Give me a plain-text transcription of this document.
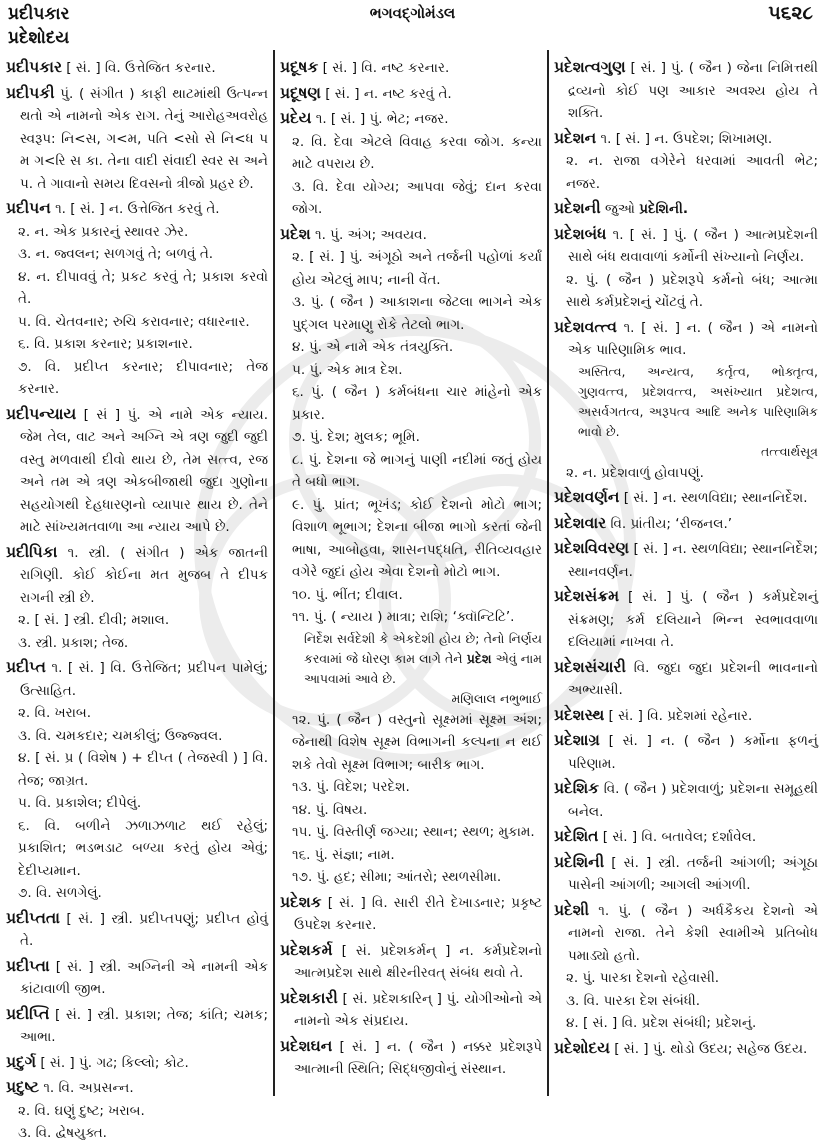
પ્રદીપકાર
પ્રદેશોદય
ભગવદ્ગોમંડલ	૫૬૨૮

પ્રદીપકાર [ સં. ] વિ. ઉત્તેજિત કરનાર.

પ્રદીપકી પું. ( સંગીત ) કાફી થાટમાંથી ઉત્પન્ન થતો એ નામનો એક રાગ. તેનું આરોહઅવરોહ સ્વરૂપ: નિ<સ, ગ<મ, પતિ <સો સે નિ<ધ પ મ ગ<રિ સ કા. તેના વાદી સંવાદી સ્વર સ અને પ. તે ગાવાનો સમય દિવસનો ત્રીજો પ્રહર છે.

પ્રદીપન ૧. [ સં. ] ન. ઉત્તેજિત કરવું તે.

૨. ન. એક પ્રકારનું સ્થાવર ઝેર.

૩. ન. જ્વલન; સળગવું તે; બળવું તે.

૪. ન. દીપાવવું તે; પ્રકટ કરવું તે; પ્રકાશ કરવો તે.

૫. વિ. ચેતવનાર; રુચિ કરાવનાર; વધારનાર.

૬. વિ. પ્રકાશ કરનાર; પ્રકાશનાર.

૭. વિ. પ્રદીપ્ત કરનાર; દીપાવનાર; તેજ કરનાર.

પ્રદીપન્યાય [ સં ] પું. એ નામે એક ન્યાય. જેમ તેલ, વાટ અને અગ્નિ એ ત્રણ જુદી જુદી વસ્તુ મળવાથી દીવો થાય છે, તેમ સત્ત્વ, રજ અને તમ એ ત્રણ એકબીજાથી જુદા ગુણોના સહયોગથી દેહધારણનો વ્યાપાર થાય છે. તેને માટે સાંખ્યમતવાળા આ ન્યાય આપે છે.

પ્રદીપિકા ૧. સ્ત્રી. ( સંગીત ) એક જાતની રાગિણી. કોઈ કોઈના મત મુજબ તે દીપક રાગની સ્ત્રી છે.

૨. [ સં. ] સ્ત્રી. દીવી; મશાલ.

૩. સ્ત્રી. પ્રકાશ; તેજ.

પ્રદીપ્ત ૧. [ સં. ] વિ. ઉત્તેજિત; પ્રદીપન પામેલું; ઉત્સાહિત.

૨. વિ. ખરાબ.

૩. વિ. ચમકદાર; ચમકીલું; ઉજ્જ્વલ.

૪. [ સં. પ્ર ( વિશેષ ) + દીપ્ત ( તેજસ્વી ) ] વિ. તેજ; જાગ્રત.

૫. વિ. પ્રકાશેલ; દીપેલું.

૬. વિ. બળીને ઝળાઝળાટ થઈ રહેલું; પ્રકાશિત; ભડભડાટ બળ્યા કરતું હોય એવું; દેદીપ્યમાન.

૭. વિ. સળગેલું.

પ્રદીપ્તતા [ સં. ] સ્ત્રી. પ્રદીપ્તપણું; પ્રદીપ્ત હોવું તે.

પ્રદીપ્તા [ સં. ] સ્ત્રી. અગ્નિની એ નામની એક કાંટાવાળી જીભ.

પ્રદીપ્તિ [ સં. ] સ્ત્રી. પ્રકાશ; તેજ; કાંતિ; ચમક; આભા.

પ્રદુર્ગ [ સં. ] પું. ગઢ; કિલ્લો; કોટ.

પ્રદુષ્ટ ૧. વિ. અપ્રસન્ન.

૨. વિ. ઘણું દુષ્ટ; ખરાબ.

૩. વિ. દ્વેષયુક્ત.

પ્રદૂષક [ સં. ] વિ. નષ્ટ કરનાર.

પ્રદૂષણ [ સં. ] ન. નષ્ટ કરવું તે.

પ્રદેય ૧. [ સં. ] પું. ભેટ; નજર.

૨. વિ. દેવા એટલે વિવાહ કરવા જોગ. કન્યા માટે વપરાય છે.

૩. વિ. દેવા યોગ્ય; આપવા જેવું; દાન કરવા જોગ.

પ્રદેશ ૧. પું. અંગ; અવયવ.

૨. [ સં. ] પું. અંગૂઠો અને તર્જની પહોળાં કર્યાં હોય એટલું માપ; નાની વેંત.

૩. પું. ( જૈન ) આકાશના જેટલા ભાગને એક પુદ્ગલ પરમાણુ રોકે તેટલો ભાગ.

૪. પું. એ નામે એક તંત્રયુક્તિ.

૫. પું. એક માત્ર દેશ.

૬. પું. ( જૈન ) કર્મબંધના ચાર માંહેનો એક પ્રકાર.

૭. પું. દેશ; મુલક; ભૂમિ.

૮. પું. દેશના જે ભાગનું પાણી નદીમાં જતું હોય તે બધો ભાગ.

૯. પું. પ્રાંત; ભૂખંડ; કોઈ દેશનો મોટો ભાગ; વિશાળ ભૂભાગ; દેશના બીજા ભાગો કરતાં જેની ભાષા, આબોહવા, શાસનપદ્ધતિ, રીતિવ્યવહાર વગેરે જુદાં હોય એવા દેશનો મોટો ભાગ.

૧૦. પું. ભીંત; દીવાલ.

૧૧. પું. ( ન્યાય ) માત્રા; રાશિ; ‘ક્વૉન્ટિટિ’.

નિર્દેશ સર્વદેશી કે એકદેશી હોય છે; તેનો નિર્ણય કરવામાં જે ધોરણ કામ લાગે તેને પ્રદેશ એવું નામ આપવામાં આવે છે.

મણિલાલ નભુભાઈ

૧૨. પું. ( જૈન ) વસ્તુનો સૂક્ષ્મમાં સૂક્ષ્મ અંશ; જેનાથી વિશેષ સૂક્ષ્મ વિભાગની કલ્પના ન થઈ શકે તેવો સૂક્ષ્મ વિભાગ; બારીક ભાગ.

૧૩. પું. વિદેશ; પરદેશ.

૧૪. પું. વિષય.

૧૫. પું. વિસ્તીર્ણ જગ્યા; સ્થાન; સ્થળ; મુકામ.

૧૬. પું. સંજ્ઞા; નામ.

૧૭. પું. હદ; સીમા; આંતરો; સ્થળસીમા.

પ્રદેશક [ સં. ] વિ. સારી રીતે દેખાડનાર; પ્રકૃષ્ટ ઉપદેશ કરનાર.

પ્રદેશકર્મ [ સં. પ્રદેશકર્મન્ ] ન. કર્મપ્રદેશનો આત્મપ્રદેશ સાથે ક્ષીરનીરવત્ સંબંધ થવો તે.

પ્રદેશકારી [ સં. પ્રદેશકારિન્ ] પું. યોગીઓનો એ નામનો એક સંપ્રદાય.

પ્રદેશઘન [ સં. ] ન. ( જૈન ) નક્કર પ્રદેશરૂપે આત્માની સ્થિતિ; સિદ્ધજીવોનું સંસ્થાન.

પ્રદેશત્વગુણ [ સં. ] પું. ( જૈન ) જેના નિમિત્તથી દ્રવ્યનો કોઈ પણ આકાર અવશ્ય હોય તે શક્તિ.

પ્રદેશન ૧. [ સં. ] ન. ઉપદેશ; શિખામણ.

૨. ન. રાજા વગેરેને ધરવામાં આવતી ભેટ; નજર.

પ્રદેશની જુઓ પ્રદેશિની.

પ્રદેશબંધ ૧. [ સં. ] પું. ( જૈન ) આત્મપ્રદેશની સાથે બંધ થવાવાળાં કર્મોની સંખ્યાનો નિર્ણય.

૨. પું. ( જૈન ) પ્રદેશરૂપે કર્મનો બંધ; આત્મા સાથે કર્મપ્રદેશનું ચોંટવું તે.

પ્રદેશવત્ત્વ ૧. [ સં. ] ન. ( જૈન ) એ નામનો એક પારિણામિક ભાવ.

અસ્તિત્વ, અન્યત્વ, કર્તૃત્વ, ભોક્તૃત્વ, ગુણવત્ત્વ, પ્રદેશવત્ત્વ, અસંખ્યાત પ્રદેશત્વ, અસર્વગતત્વ, અરૂપત્વ આદિ અનેક પારિણામિક ભાવો છે.

તત્ત્વાર્થસૂત્ર

૨. ન. પ્રદેશવાળું હોવાપણું.

પ્રદેશવર્ણન [ સં. ] ન. સ્થળવિદ્યા; સ્થાનનિર્દેશ.

પ્રદેશવાર વિ. પ્રાંતીય; ‘રીજનલ.’

પ્રદેશવિવરણ [ સં. ] ન. સ્થળવિદ્યા; સ્થાનનિર્દેશ; સ્થાનવર્ણન.

પ્રદેશસંક્રમ [ સં. ] પું. ( જૈન ) કર્મપ્રદેશનું સંક્રમણ; કર્મ દલિયાને ભિન્ન સ્વભાવવાળા દલિયામાં નાખવા તે.

પ્રદેશસંચારી વિ. જુદા જુદા પ્રદેશની ભાવનાનો અભ્યાસી.

પ્રદેશસ્થ [ સં. ] વિ. પ્રદેશમાં રહેનાર.

પ્રદેશાગ્ર [ સં. ] ન. ( જૈન ) કર્મોના ફળનું પરિણામ.

પ્રદેશિક વિ. ( જૈન ) પ્રદેશવાળું; પ્રદેશના સમૂહથી બનેલ.

પ્રદેશિત [ સં. ] વિ. બતાવેલ; દર્શાવેલ.

પ્રદેશિની [ સં. ] સ્ત્રી. તર્જની આંગળી; અંગૂઠા પાસેની આંગળી; આગલી આંગળી.

પ્રદેશી ૧. પું. ( જૈન ) અર્ધકૈકય દેશનો એ નામનો રાજા. તેને કેશી સ્વામીએ પ્રતિબોધ પમાડ્યો હતો.

૨. પું. પારકા દેશનો રહેવાસી.

૩. વિ. પારકા દેશ સંબંધી.

૪. [ સં. ] વિ. પ્રદેશ સંબંધી; પ્રદેશનું.

પ્રદેશોદય [ સં. ] પું. થોડો ઉદય; સહેજ ઉદય.
